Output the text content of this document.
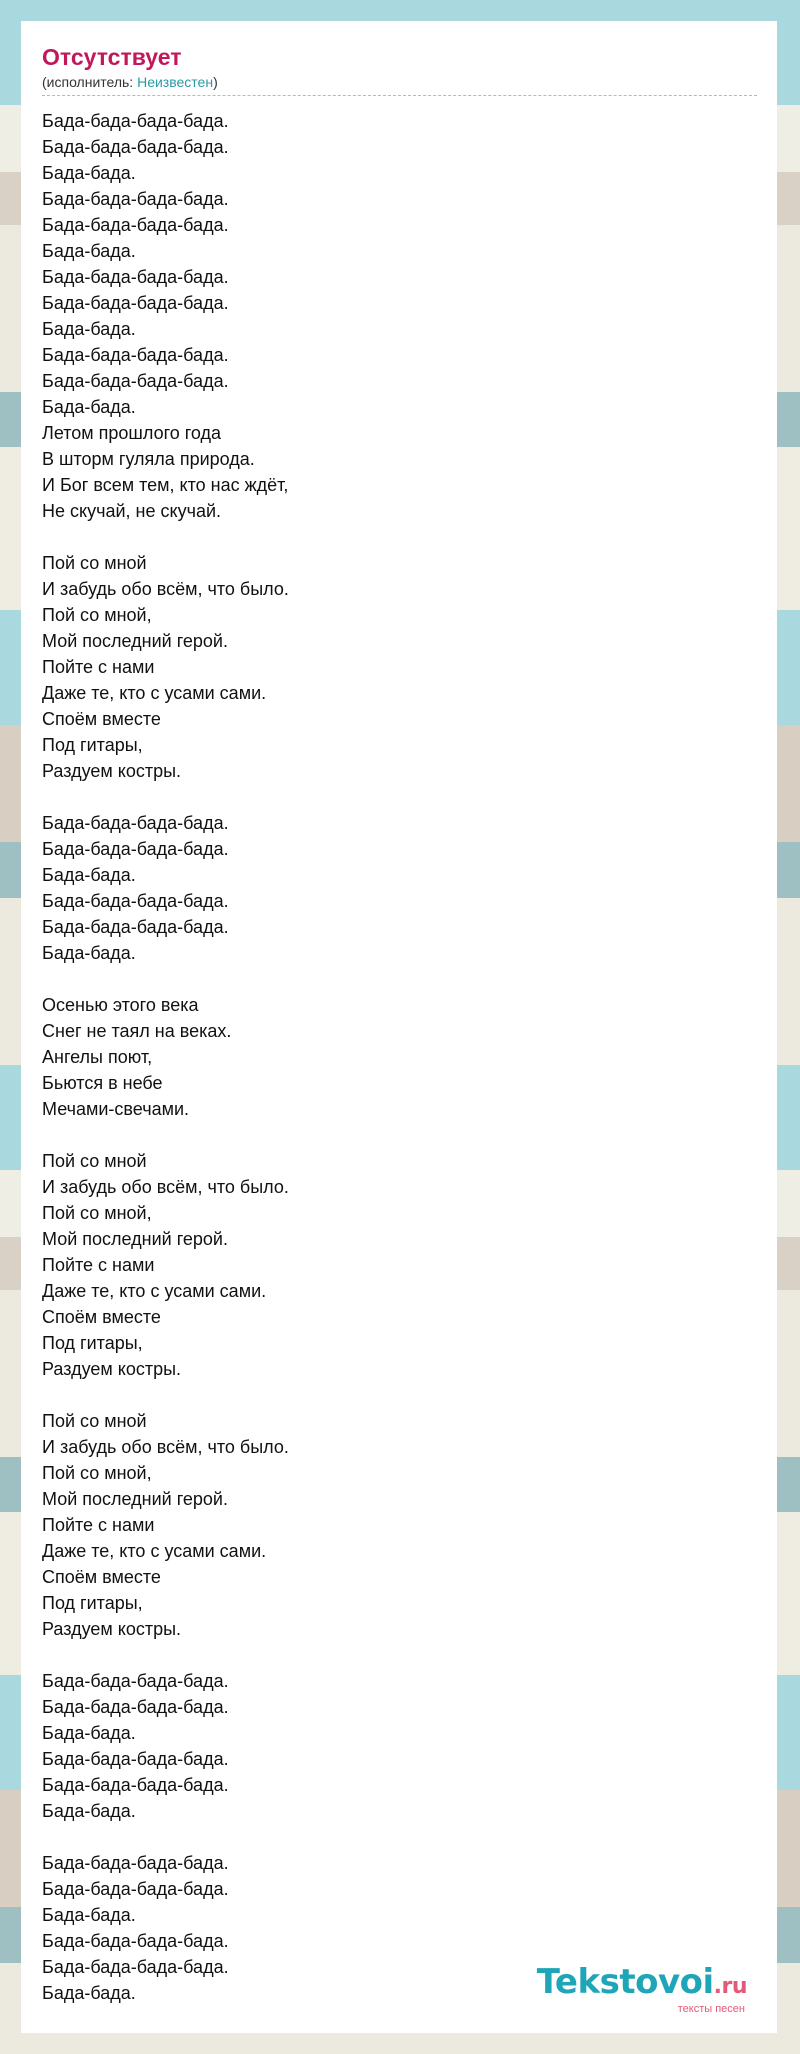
Отсутствует
(исполнитель: Неизвестен)
Бада-бада-бада-бада.
Бада-бада-бада-бада.
Бада-бада.
Бада-бада-бада-бада.
Бада-бада-бада-бада.
Бада-бада.
Бада-бада-бада-бада.
Бада-бада-бада-бада.
Бада-бада.
Бада-бада-бада-бада.
Бада-бада-бада-бада.
Бада-бада.
Летом прошлого года
В шторм гуляла природа.
И Бог всем тем, кто нас ждёт,
Не скучай, не скучай.
Пой со мной
И забудь обо всём, что было.
Пой со мной,
Мой последний герой.
Пойте с нами
Даже те, кто с усами сами.
Споём вместе
Под гитары,
Раздуем костры.
Бада-бада-бада-бада.
Бада-бада-бада-бада.
Бада-бада.
Бада-бада-бада-бада.
Бада-бада-бада-бада.
Бада-бада.
Осенью этого века
Снег не таял на веках.
Ангелы поют,
Бьются в небе
Мечами-свечами.
Пой со мной
И забудь обо всём, что было.
Пой со мной,
Мой последний герой.
Пойте с нами
Даже те, кто с усами сами.
Споём вместе
Под гитары,
Раздуем костры.
Пой со мной
И забудь обо всём, что было.
Пой со мной,
Мой последний герой.
Пойте с нами
Даже те, кто с усами сами.
Споём вместе
Под гитары,
Раздуем костры.
Бада-бада-бада-бада.
Бада-бада-бада-бада.
Бада-бада.
Бада-бада-бада-бада.
Бада-бада-бада-бада.
Бада-бада.
Бада-бада-бада-бада.
Бада-бада-бада-бада.
Бада-бада.
Бада-бада-бада-бада.
Бада-бада-бада-бада.
Бада-бада.	Tekstovoi.ru
тексты песен
